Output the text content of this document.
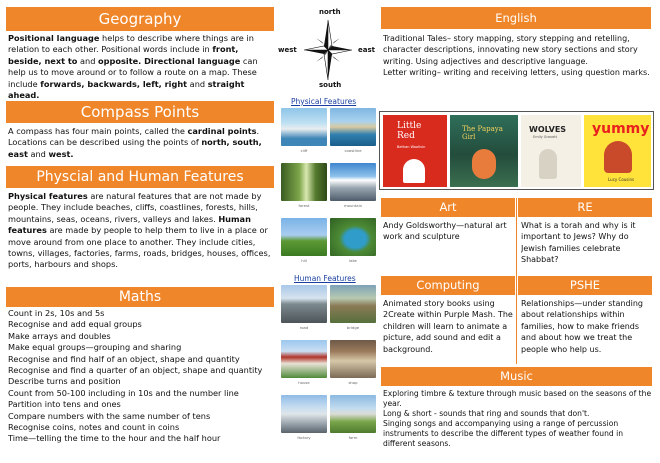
Geography
Positional language helps to describe where things are in relation to each other. Positional words include in front, beside, next to and opposite. Directional language can help us to move around or to follow a route on a map. These include forwards, backwards, left, right and straight ahead.
Compass Points
A compass has four main points, called the cardinal points. Locations can be described using the points of north, south, east and west.
Physcial and Human Features
Physical features are natural features that are not made by people. They include beaches, cliffs, coastlines, forests, hills, mountains, seas, oceans, rivers, valleys and lakes. Human features are made by people to help them to live in a place or move around from one place to another. They include cities, towns, villages, factories, farms, roads, bridges, houses, offices, ports, harbours and shops.
Maths

Count in 2s, 10s and 5s

Recognise and add equal groups

Make arrays and doubles

Make equal groups—grouping and sharing

Recognise and find half of an object, shape and quantity

Recognise and find a quarter of an object, shape and quantity

Describe turns and position

Count from 50-100 including in 10s and the number line

Partition into tens and ones

Compare numbers with the same number of tens

Recognise coins, notes and count in coins

Time—telling the time to the hour and the half hour

north
west	east
south
Physical Features
cliff	coastline
forest	mountain
hill	lake
Human Features
road	bridge
house	shop
factory	farm
English

Traditional Tales– story mapping, story stepping and retelling, character descriptions, innovating new story sections and story writing. Using adjectives and descriptive language.

Letter writing– writing and receiving letters, using question marks.

Little Red
Bethan Woollvin
The Papaya Girl
WOLVES
Emily Gravett yummy
Lucy Cousins
Art
Andy Goldsworthy—natural art work and sculpture
RE
What is a torah and why is it important to Jews? Why do Jewish families celebrate Shabbat?
Computing
Animated story books using 2Create within Purple Mash. The children will learn to animate a picture, add sound and edit a background.
PSHE
Relationships—under standing about relationships within families, how to make friends and about how we treat the people who help us.
Music

Exploring timbre & texture through music based on the seasons of the year.

Long & short - sounds that ring and sounds that don't.

Singing songs and accompanying using a range of percussion instruments to describe the different types of weather found in different seasons.
